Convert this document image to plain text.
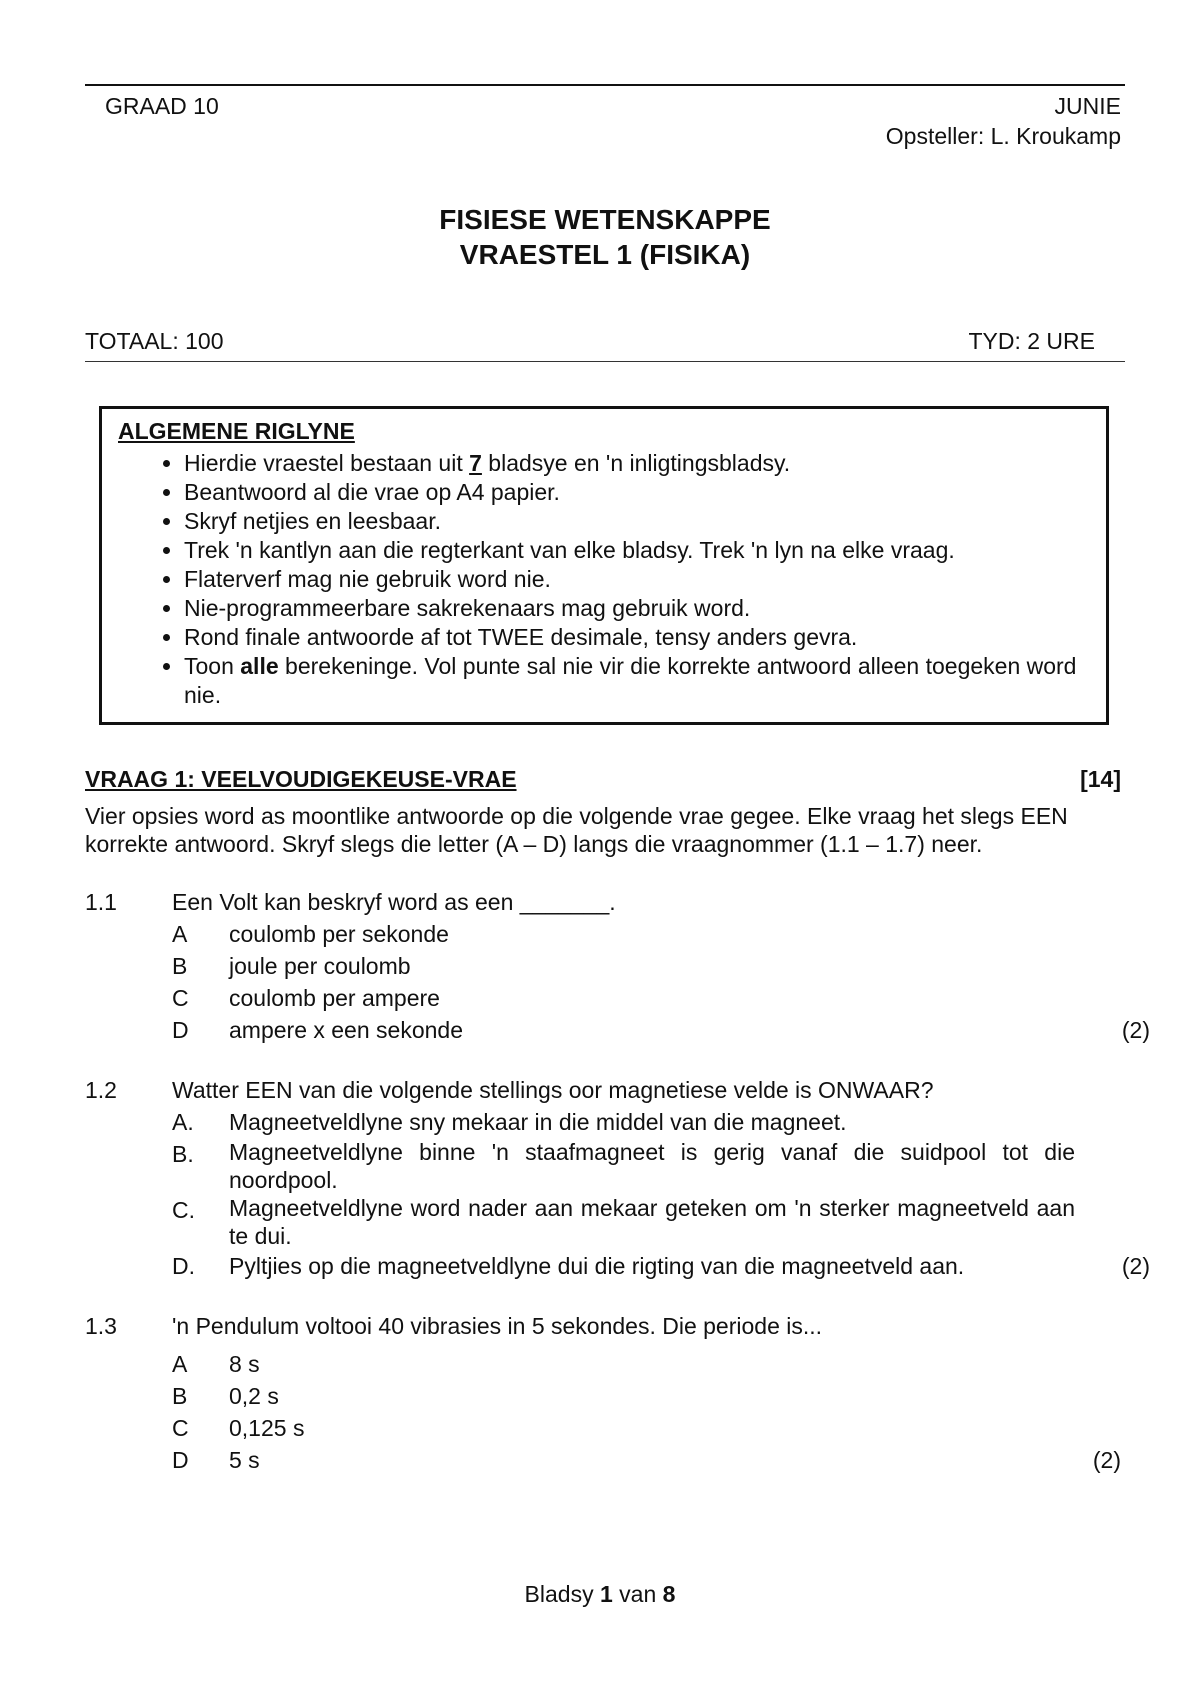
GRAAD 10	JUNIE
Opsteller: L. Kroukamp
FISIESE WETENSKAPPE
VRAESTEL 1 (FISIKA)
TOTAAL: 100	TYD: 2 URE
ALGEMENE RIGLYNE
• Hierdie vraestel bestaan uit 7 bladsye en 'n inligtingsbladsy.
• Beantwoord al die vrae op A4 papier.
• Skryf netjies en leesbaar.
• Trek 'n kantlyn aan die regterkant van elke bladsy. Trek 'n lyn na elke vraag.
• Flaterverf mag nie gebruik word nie.
• Nie-programmeerbare sakrekenaars mag gebruik word.
• Rond finale antwoorde af tot TWEE desimale, tensy anders gevra.
• Toon alle berekeninge. Vol punte sal nie vir die korrekte antwoord alleen toegeken word nie.
VRAAG 1: VEELVOUDIGEKEUSE-VRAE	[14]
Vier opsies word as moontlike antwoorde op die volgende vrae gegee. Elke vraag het slegs EEN korrekte antwoord. Skryf slegs die letter (A – D) langs die vraagnommer (1.1 – 1.7) neer.
1.1	Een Volt kan beskryf word as een _______.
A	coulomb per sekonde
B	joule per coulomb
C	coulomb per ampere
D	ampere x een sekonde	(2)
1.2	Watter EEN van die volgende stellings oor magnetiese velde is ONWAAR?
A.	Magneetveldlyne sny mekaar in die middel van die magneet.
B.	Magneetveldlyne binne 'n staafmagneet is gerig vanaf die suidpool tot die noordpool.
C.	Magneetveldlyne word nader aan mekaar geteken om 'n sterker magneetveld aan te dui.
D.	Pyltjies op die magneetveldlyne dui die rigting van die magneetveld aan.	(2)
1.3	'n Pendulum voltooi 40 vibrasies in 5 sekondes. Die periode is...
A	8 s
B	0,2 s
C	0,125 s
D	5 s	(2)
Bladsy 1 van 8
